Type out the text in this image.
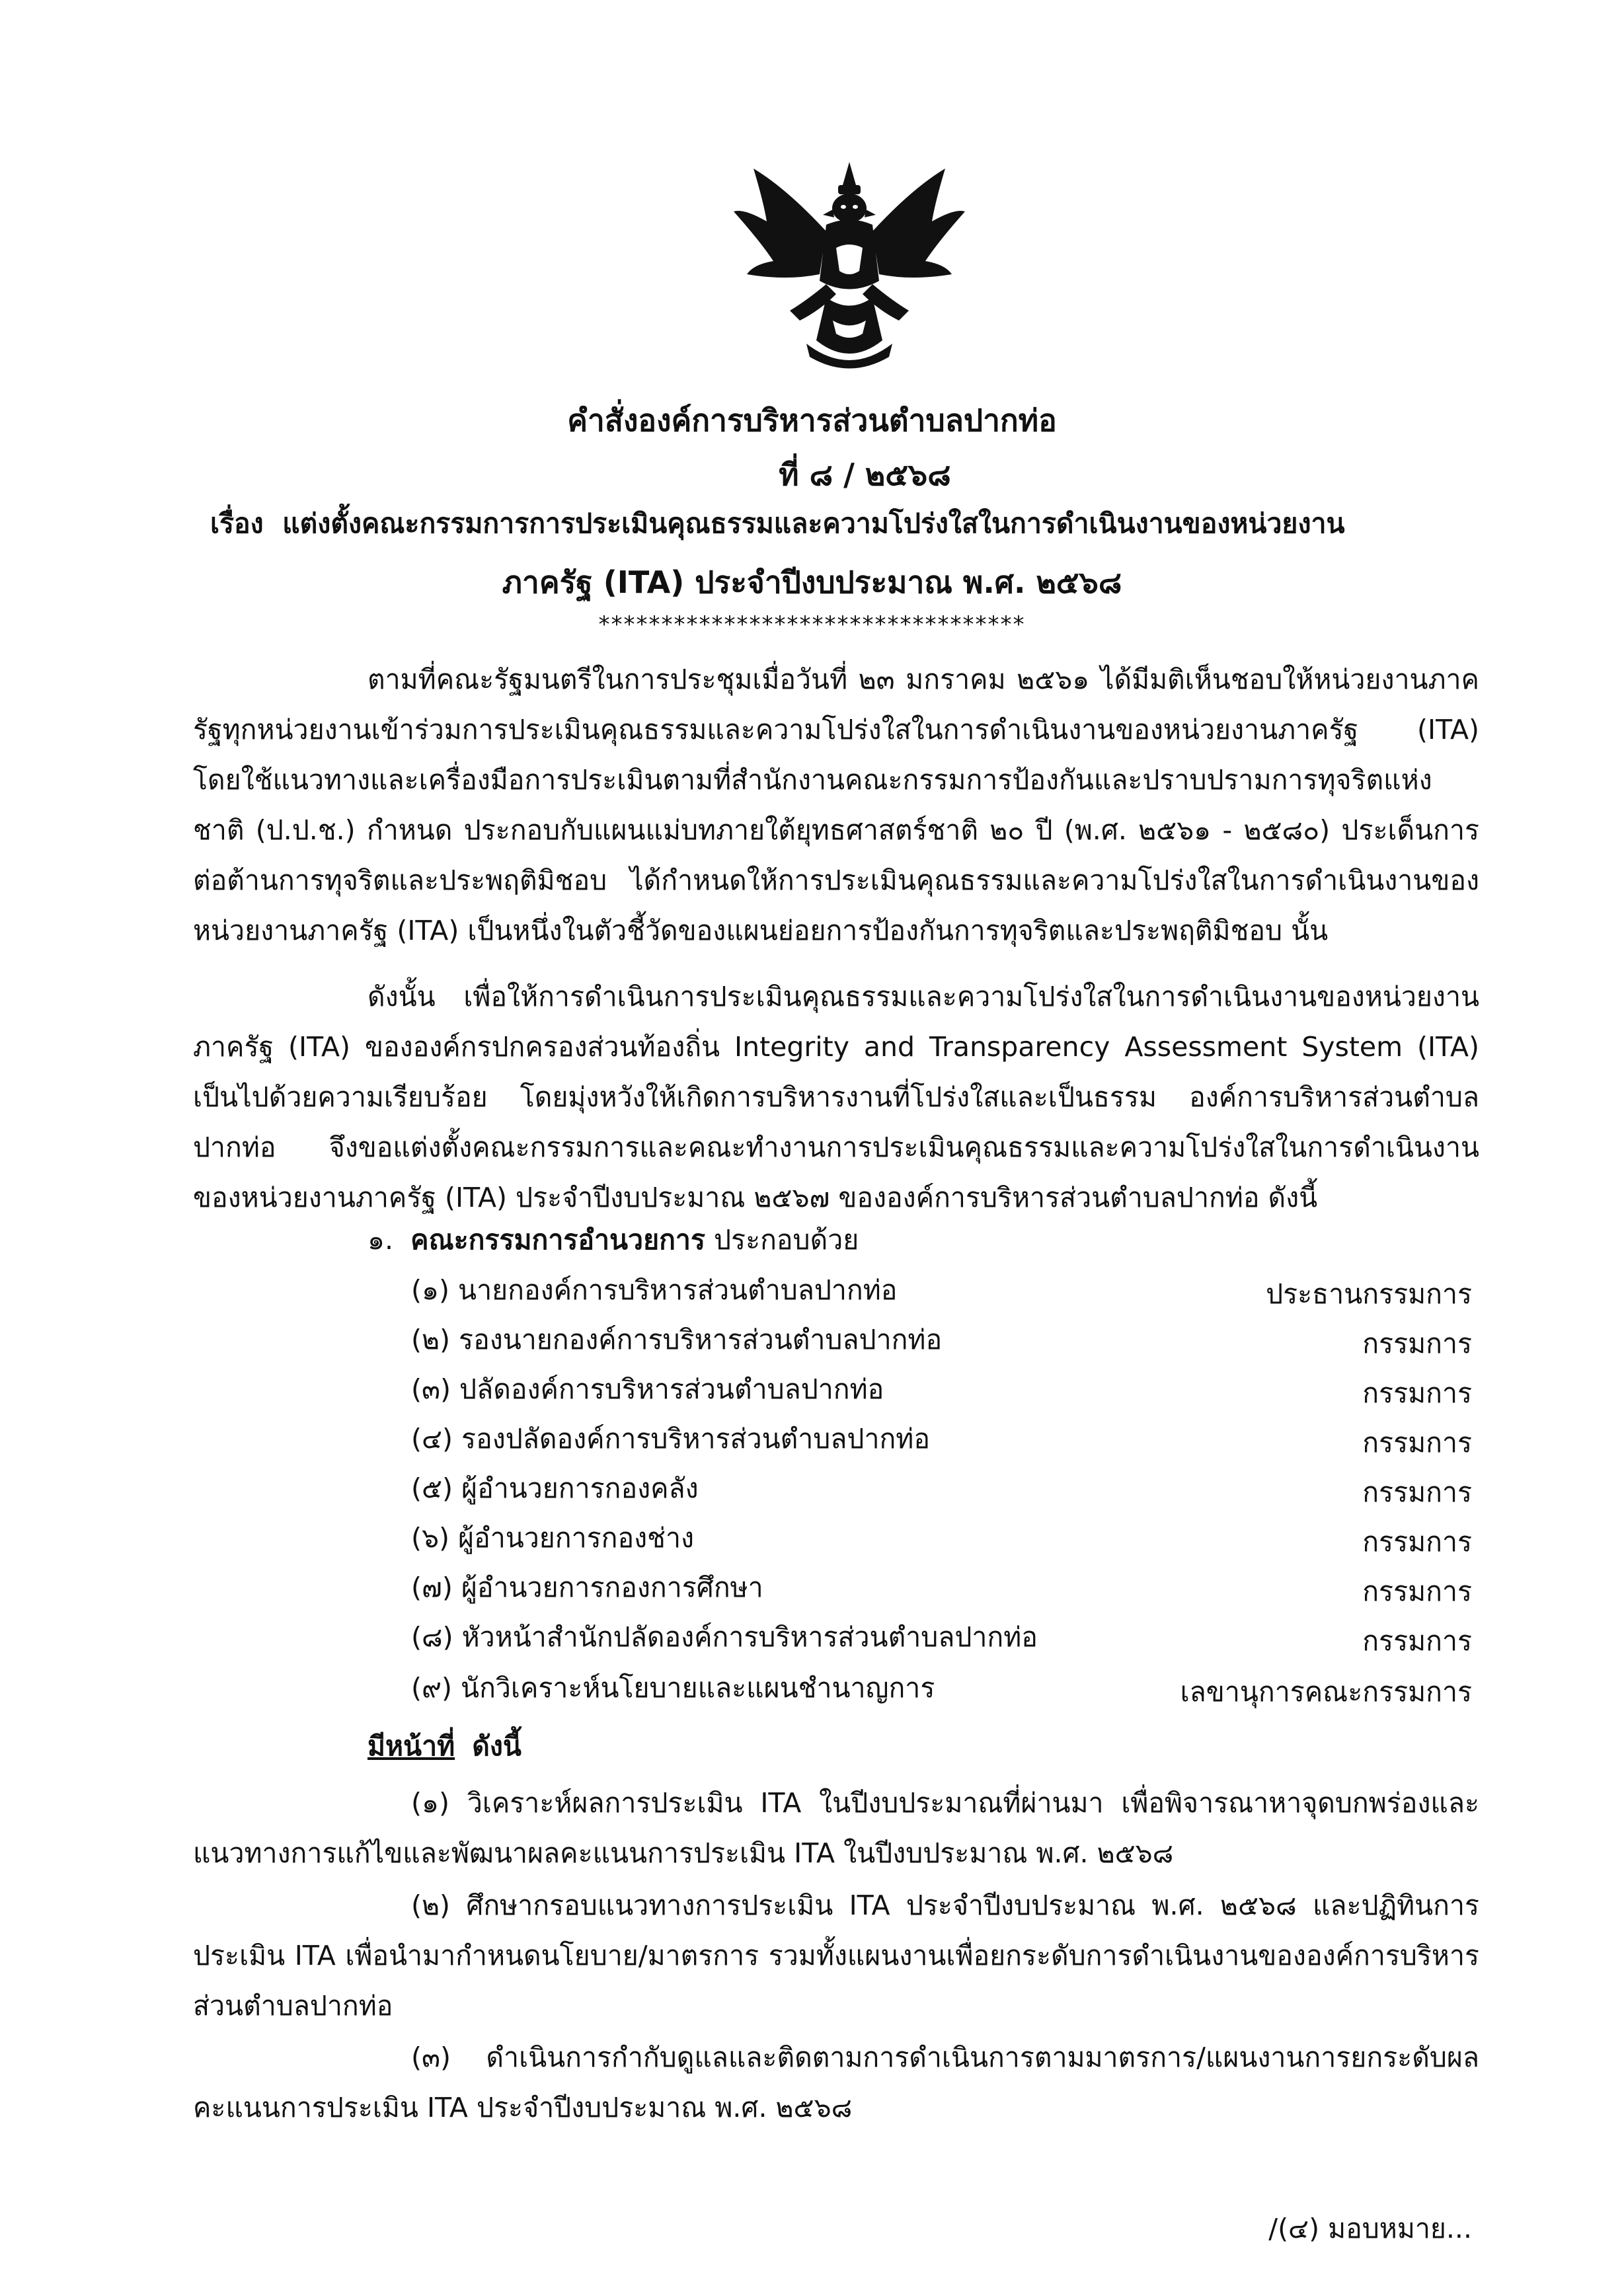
คำสั่งองค์การบริหารส่วนตำบลปากท่อ
ที่ ๘ / ๒๕๖๘
เรื่อง แต่งตั้งคณะกรรมการการประเมินคุณธรรมและความโปร่งใสในการดำเนินงานของหน่วยงาน
ภาครัฐ (ITA) ประจำปีงบประมาณ พ.ศ. ๒๕๖๘
**********************************
ตามที่คณะรัฐมนตรีในการประชุมเมื่อวันที่ ๒๓ มกราคม ๒๕๖๑ ได้มีมติเห็นชอบให้หน่วยงานภาครัฐทุกหน่วยงานเข้าร่วมการประเมินคุณธรรมและความโปร่งใสในการดำเนินงานของหน่วยงานภาครัฐ (ITA) โดยใช้แนวทางและเครื่องมือการประเมินตามที่สำนักงานคณะกรรมการป้องกันและปราบปรามการทุจริตแห่งชาติ (ป.ป.ช.) กำหนด ประกอบกับแผนแม่บทภายใต้ยุทธศาสตร์ชาติ ๒๐ ปี (พ.ศ. ๒๕๖๑ - ๒๕๘๐) ประเด็นการต่อต้านการทุจริตและประพฤติมิชอบ ได้กำหนดให้การประเมินคุณธรรมและความโปร่งใสในการดำเนินงานของหน่วยงานภาครัฐ (ITA) เป็นหนึ่งในตัวชี้วัดของแผนย่อยการป้องกันการทุจริตและประพฤติมิชอบ นั้น
ดังนั้น เพื่อให้การดำเนินการประเมินคุณธรรมและความโปร่งใสในการดำเนินงานของหน่วยงานภาครัฐ (ITA) ขององค์กรปกครองส่วนท้องถิ่น Integrity and Transparency Assessment System (ITA) เป็นไปด้วยความเรียบร้อย โดยมุ่งหวังให้เกิดการบริหารงานที่โปร่งใสและเป็นธรรม องค์การบริหารส่วนตำบลปากท่อ จึงขอแต่งตั้งคณะกรรมการและคณะทำงานการประเมินคุณธรรมและความโปร่งใสในการดำเนินงานของหน่วยงานภาครัฐ (ITA) ประจำปีงบประมาณ ๒๕๖๗ ขององค์การบริหารส่วนตำบลปากท่อ ดังนี้
๑. คณะกรรมการอำนวยการ ประกอบด้วย
(๑) นายกองค์การบริหารส่วนตำบลปากท่อ	ประธานกรรมการ
(๒) รองนายกองค์การบริหารส่วนตำบลปากท่อ	กรรมการ
(๓) ปลัดองค์การบริหารส่วนตำบลปากท่อ	กรรมการ
(๔) รองปลัดองค์การบริหารส่วนตำบลปากท่อ	กรรมการ
(๕) ผู้อำนวยการกองคลัง	กรรมการ
(๖) ผู้อำนวยการกองช่าง	กรรมการ
(๗) ผู้อำนวยการกองการศึกษา	กรรมการ
(๘) หัวหน้าสำนักปลัดองค์การบริหารส่วนตำบลปากท่อ	กรรมการ
(๙) นักวิเคราะห์นโยบายและแผนชำนาญการ	เลขานุการคณะกรรมการ
มีหน้าที่ ดังนี้
(๑) วิเคราะห์ผลการประเมิน ITA ในปีงบประมาณที่ผ่านมา เพื่อพิจารณาหาจุดบกพร่องและแนวทางการแก้ไขและพัฒนาผลคะแนนการประเมิน ITA ในปีงบประมาณ พ.ศ. ๒๕๖๘
(๒) ศึกษากรอบแนวทางการประเมิน ITA ประจำปีงบประมาณ พ.ศ. ๒๕๖๘ และปฏิทินการประเมิน ITA เพื่อนำมากำหนดนโยบาย/มาตรการ รวมทั้งแผนงานเพื่อยกระดับการดำเนินงานขององค์การบริหารส่วนตำบลปากท่อ
(๓) ดำเนินการกำกับดูแลและติดตามการดำเนินการตามมาตรการ/แผนงานการยกระดับผลคะแนนการประเมิน ITA ประจำปีงบประมาณ พ.ศ. ๒๕๖๘
/(๔) มอบหมาย...
